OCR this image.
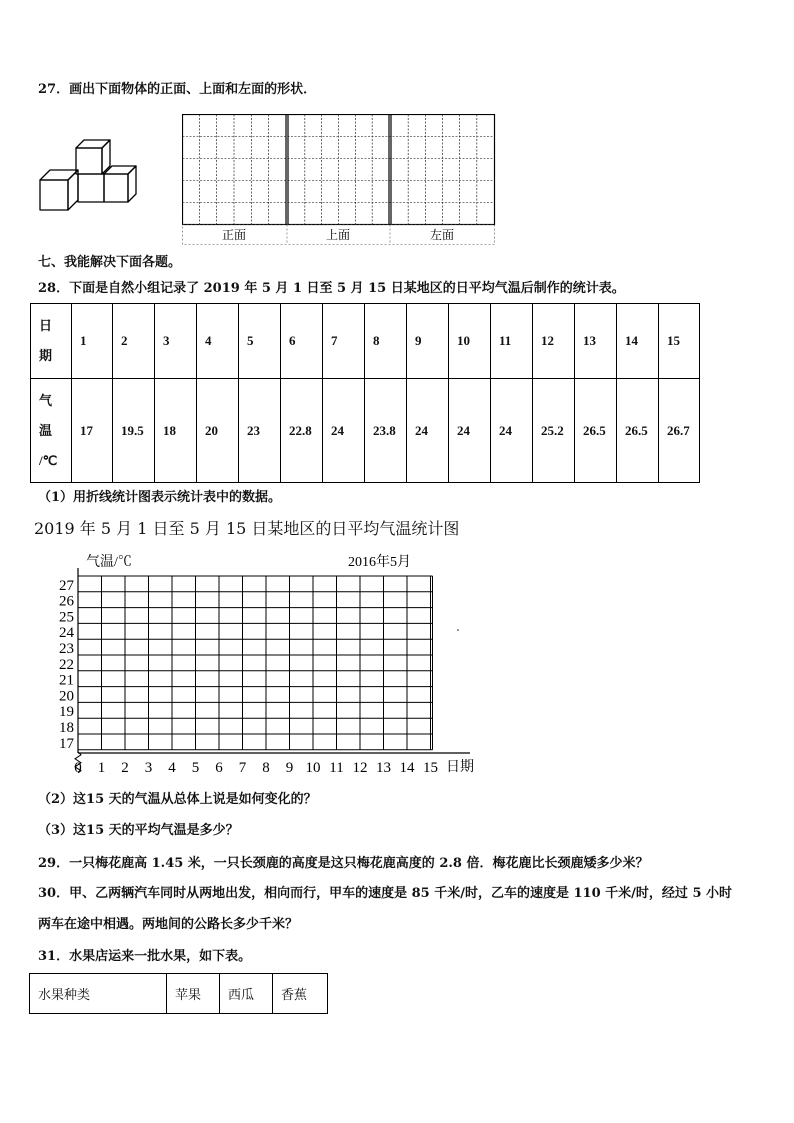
27．画出下面物体的正面、上面和左面的形状．
正面	上面	左面
七、我能解决下面各题。
28．下面是自然小组记录了 2019 年 5 月 1 日至 5 月 15 日某地区的日平均气温后制作的统计表。
日
期	1	2	3	4	5	6	7	8	9	10	11	12	13	14	15

气
温
/℃	17	19.5	18	20	23	22.8	24	23.8	24	24	24	25.2	26.5	26.5	26.7
（1）用折线统计图表示统计表中的数据。
2019 年 5 月 1 日至 5 月 15 日某地区的日平均气温统计图
17
18
19
20
21
22
23
24
25
26
27
0 1 2 3 4 5 6 7 8 9 10 11 12 13 14 15
气温/℃	2016年5月
日期
（2）这15 天的气温从总体上说是如何变化的？
（3）这15 天的平均气温是多少？
29．一只梅花鹿高 1.45 米，一只长颈鹿的高度是这只梅花鹿高度的 2.8 倍．梅花鹿比长颈鹿矮多少米？
30．甲、乙两辆汽车同时从两地出发，相向而行，甲车的速度是 85 千米/时，乙车的速度是 110 千米/时，经过 5 小时
两车在途中相遇。两地间的公路长多少千米？
31．水果店运来一批水果，如下表。
水果种类	苹果	西瓜	香蕉
